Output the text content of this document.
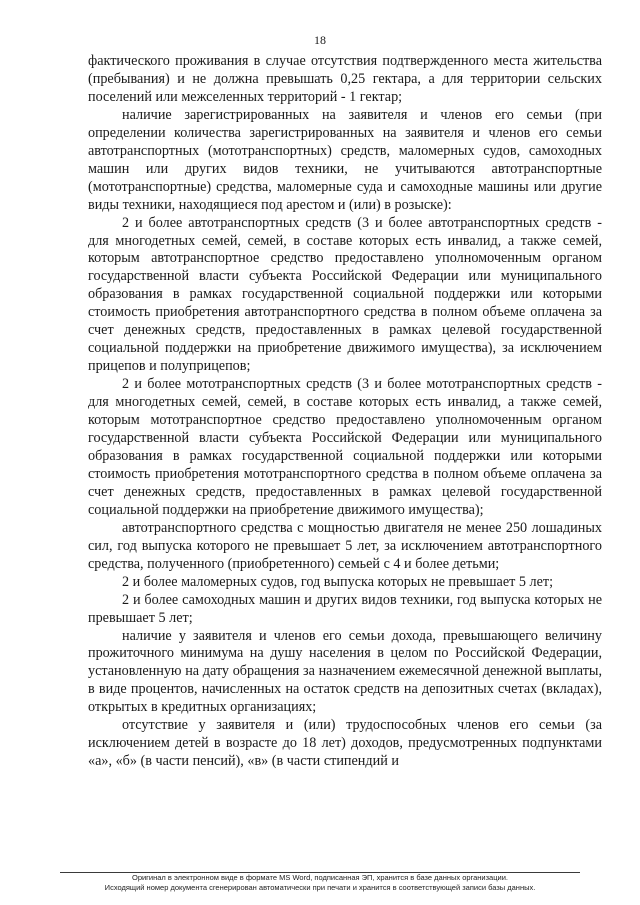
18

фактического проживания в случае отсутствия подтвержденного места жительства (пребывания) и не должна превышать 0,25 гектара, а для территории сельских поселений или межселенных территорий - 1 гектар;

наличие зарегистрированных на заявителя и членов его семьи (при определении количества зарегистрированных на заявителя и членов его семьи автотранспортных (мототранспортных) средств, маломерных судов, самоходных машин или других видов техники, не учитываются автотранспортные (мототранспортные) средства, маломерные суда и самоходные машины или другие виды техники, находящиеся под арестом и (или) в розыске):

2 и более автотранспортных средств (3 и более автотранспортных средств - для многодетных семей, семей, в составе которых есть инвалид, а также семей, которым автотранспортное средство предоставлено уполномоченным органом государственной власти субъекта Российской Федерации или муниципального образования в рамках государственной социальной поддержки или которыми стоимость приобретения автотранспортного средства в полном объеме оплачена за счет денежных средств, предоставленных в рамках целевой государственной социальной поддержки на приобретение движимого имущества), за исключением прицепов и полуприцепов;

2 и более мототранспортных средств (3 и более мототранспортных средств - для многодетных семей, семей, в составе которых есть инвалид, а также семей, которым мототранспортное средство предоставлено уполномоченным органом государственной власти субъекта Российской Федерации или муниципального образования в рамках государственной социальной поддержки или которыми стоимость приобретения мототранспортного средства в полном объеме оплачена за счет денежных средств, предоставленных в рамках целевой государственной социальной поддержки на приобретение движимого имущества);

автотранспортного средства с мощностью двигателя не менее 250 лошадиных сил, год выпуска которого не превышает 5 лет, за исключением автотранспортного средства, полученного (приобретенного) семьей с 4 и более детьми;

2 и более маломерных судов, год выпуска которых не превышает 5 лет;

2 и более самоходных машин и других видов техники, год выпуска которых не превышает 5 лет;

наличие у заявителя и членов его семьи дохода, превышающего величину прожиточного минимума на душу населения в целом по Российской Федерации, установленную на дату обращения за назначением ежемесячной денежной выплаты, в виде процентов, начисленных на остаток средств на депозитных счетах (вкладах), открытых в кредитных организациях;

отсутствие у заявителя и (или) трудоспособных членов его семьи (за исключением детей в возрасте до 18 лет) доходов, предусмотренных подпунктами «а», «б» (в части пенсий), «в» (в части стипендий и

Оригинал в электронном виде в формате MS Word, подписанная ЭП, хранится в базе данных организации.
Исходящий номер документа сгенерирован автоматически при печати и хранится в соответствующей записи базы данных.
